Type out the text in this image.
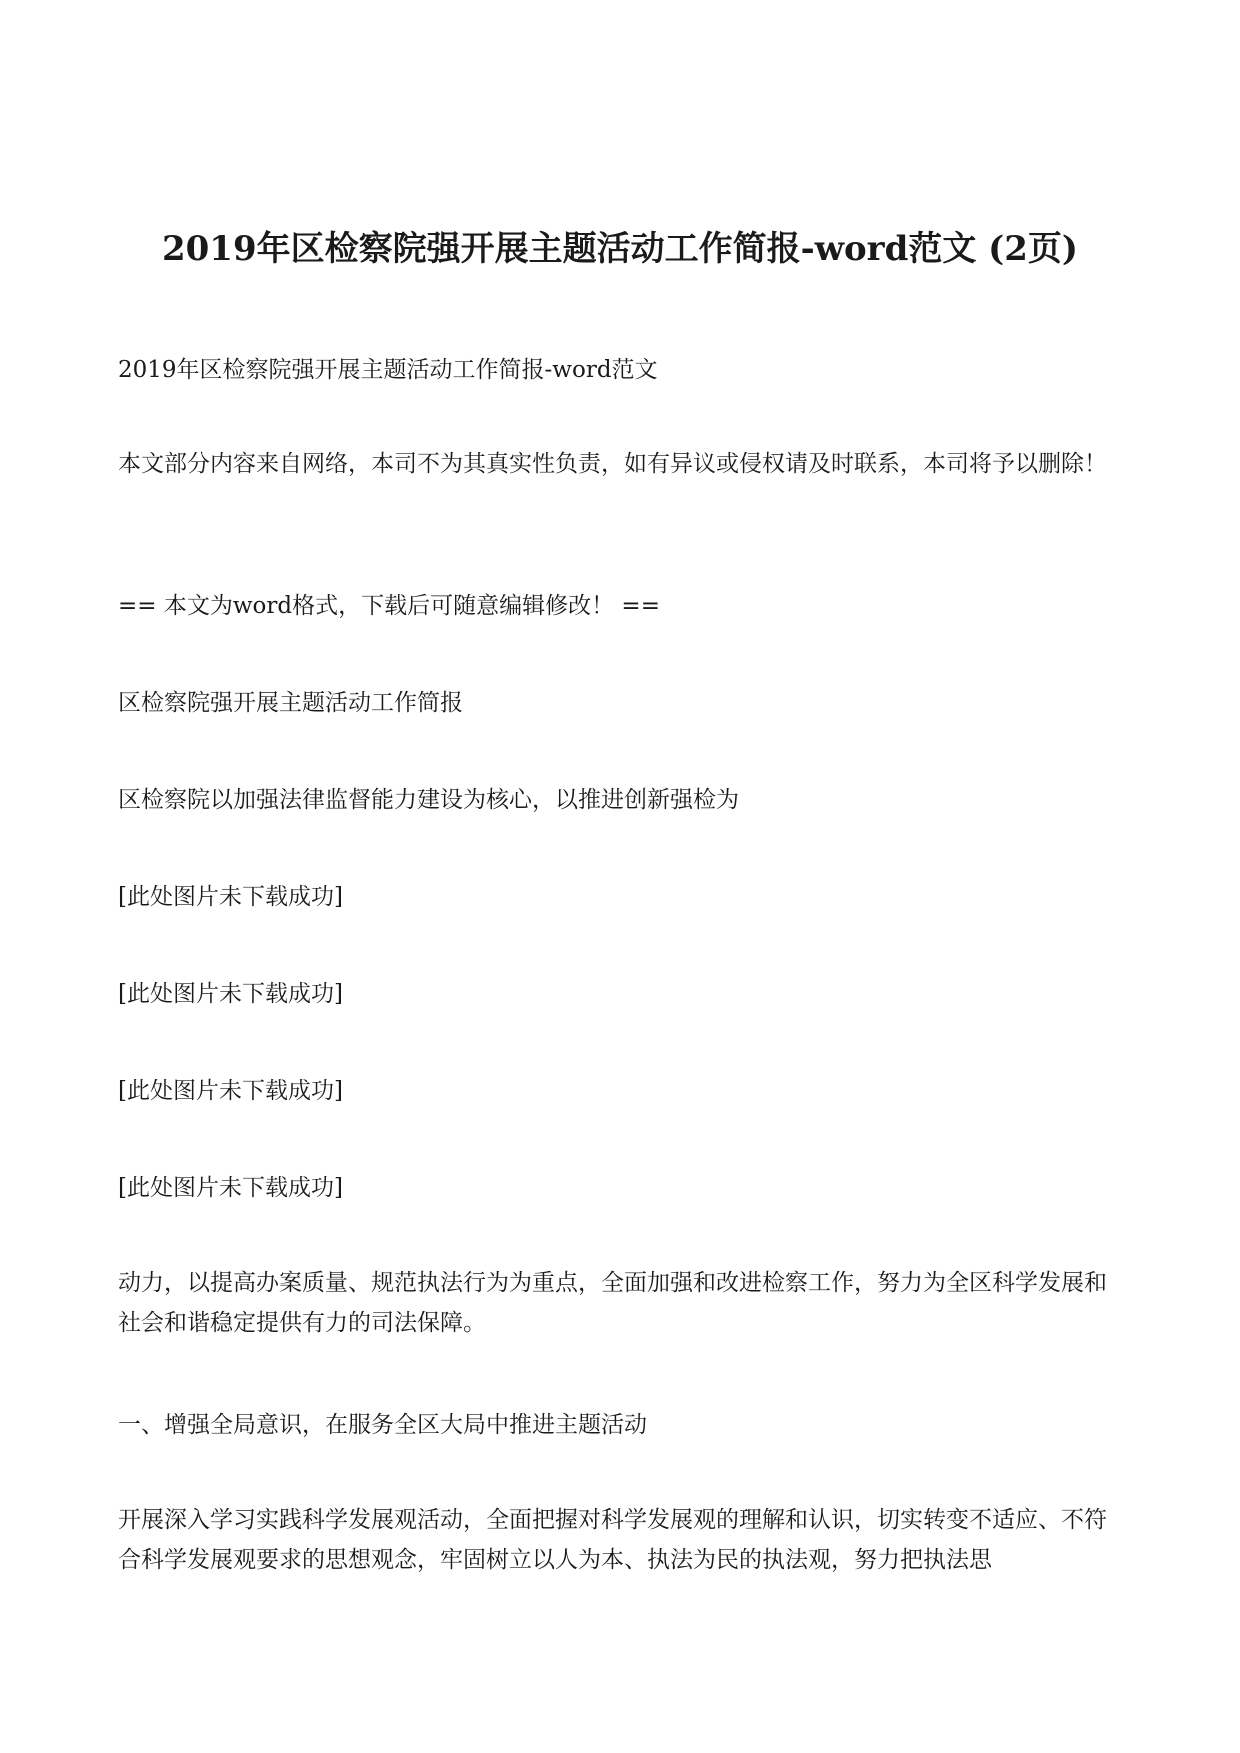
2019年区检察院强开展主题活动工作简报-word范文 (2页)
2019年区检察院强开展主题活动工作简报-word范文
本文部分内容来自网络，本司不为其真实性负责，如有异议或侵权请及时联系，本司将予以删除！
== 本文为word格式，下载后可随意编辑修改！ ==
区检察院强开展主题活动工作简报
区检察院以加强法律监督能力建设为核心，以推进创新强检为
[此处图片未下载成功]
[此处图片未下载成功]
[此处图片未下载成功]
[此处图片未下载成功]
动力，以提高办案质量、规范执法行为为重点，全面加强和改进检察工作，努力为全区科学发展和社会和谐稳定提供有力的司法保障。
一、增强全局意识，在服务全区大局中推进主题活动
开展深入学习实践科学发展观活动，全面把握对科学发展观的理解和认识，切实转变不适应、不符合科学发展观要求的思想观念，牢固树立以人为本、执法为民的执法观，努力把执法思
